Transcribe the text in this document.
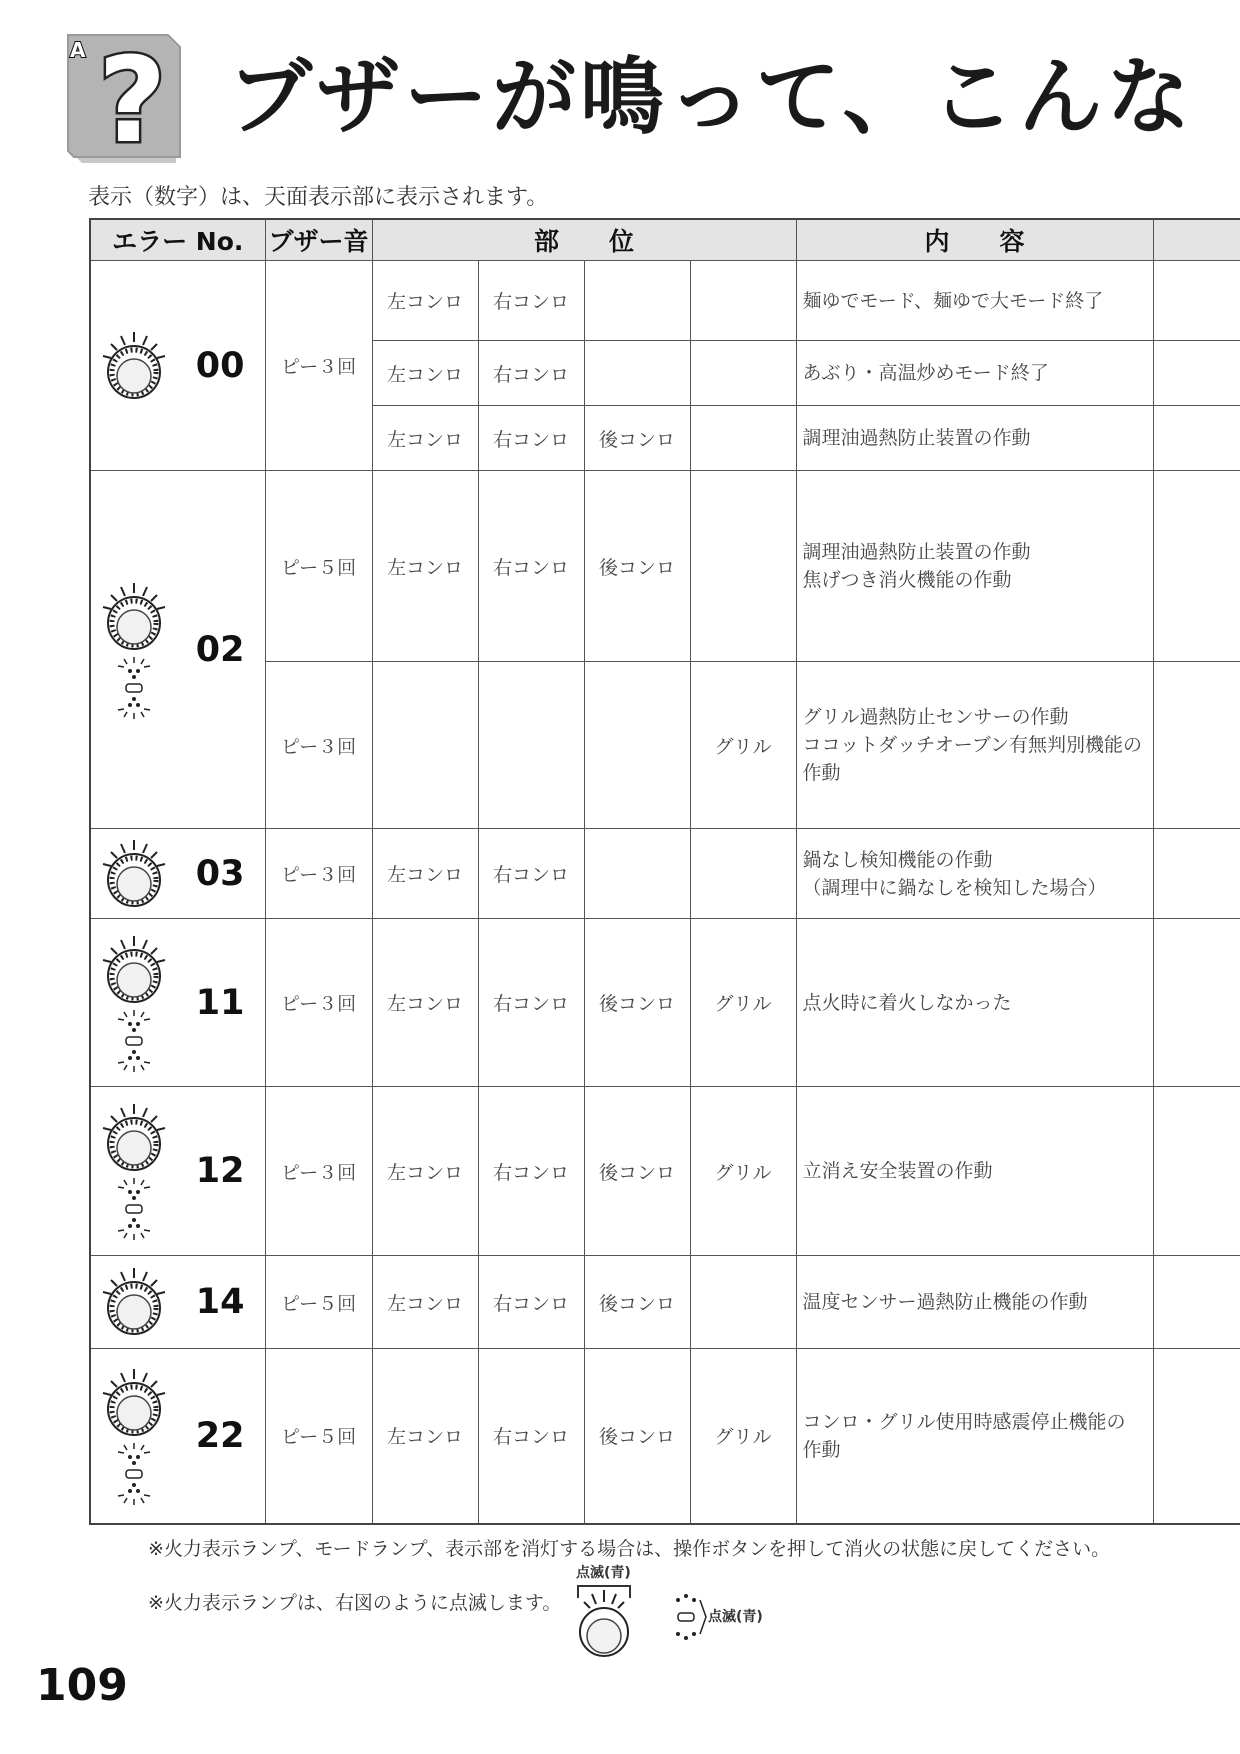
?
A ブザーが鳴って、こんな
表示（数字）は、天面表示部に表示されます。
エラー No.	ブザー音	部　　位				内　　容	

00	ピー３回	左コンロ	右コンロ			麺ゆでモード、麺ゆで大モード終了	

		左コンロ	右コンロ			あぶり・高温炒めモード終了	

		左コンロ	右コンロ	後コンロ		調理油過熱防止装置の作動	

02	ピー５回	左コンロ	右コンロ	後コンロ		調理油過熱防止装置の作動
焦げつき消火機能の作動	

	ピー３回				グリル	グリル過熱防止センサーの作動
ココットダッチオーブン有無判別機能の
作動	

03	ピー３回	左コンロ	右コンロ			鍋なし検知機能の作動
（調理中に鍋なしを検知した場合）	

11	ピー３回	左コンロ	右コンロ	後コンロ	グリル	点火時に着火しなかった	

12	ピー３回	左コンロ	右コンロ	後コンロ	グリル	立消え安全装置の作動	

14	ピー５回	左コンロ	右コンロ	後コンロ		温度センサー過熱防止機能の作動	

22	ピー５回	左コンロ	右コンロ	後コンロ	グリル	コンロ・グリル使用時感震停止機能の
作動	

※火力表示ランプ、モードランプ、表示部を消灯する場合は、操作ボタンを押して消火の状態に戻してください。
※火力表示ランプは、右図のように点滅します。
点滅(青)
点滅(青)
109
